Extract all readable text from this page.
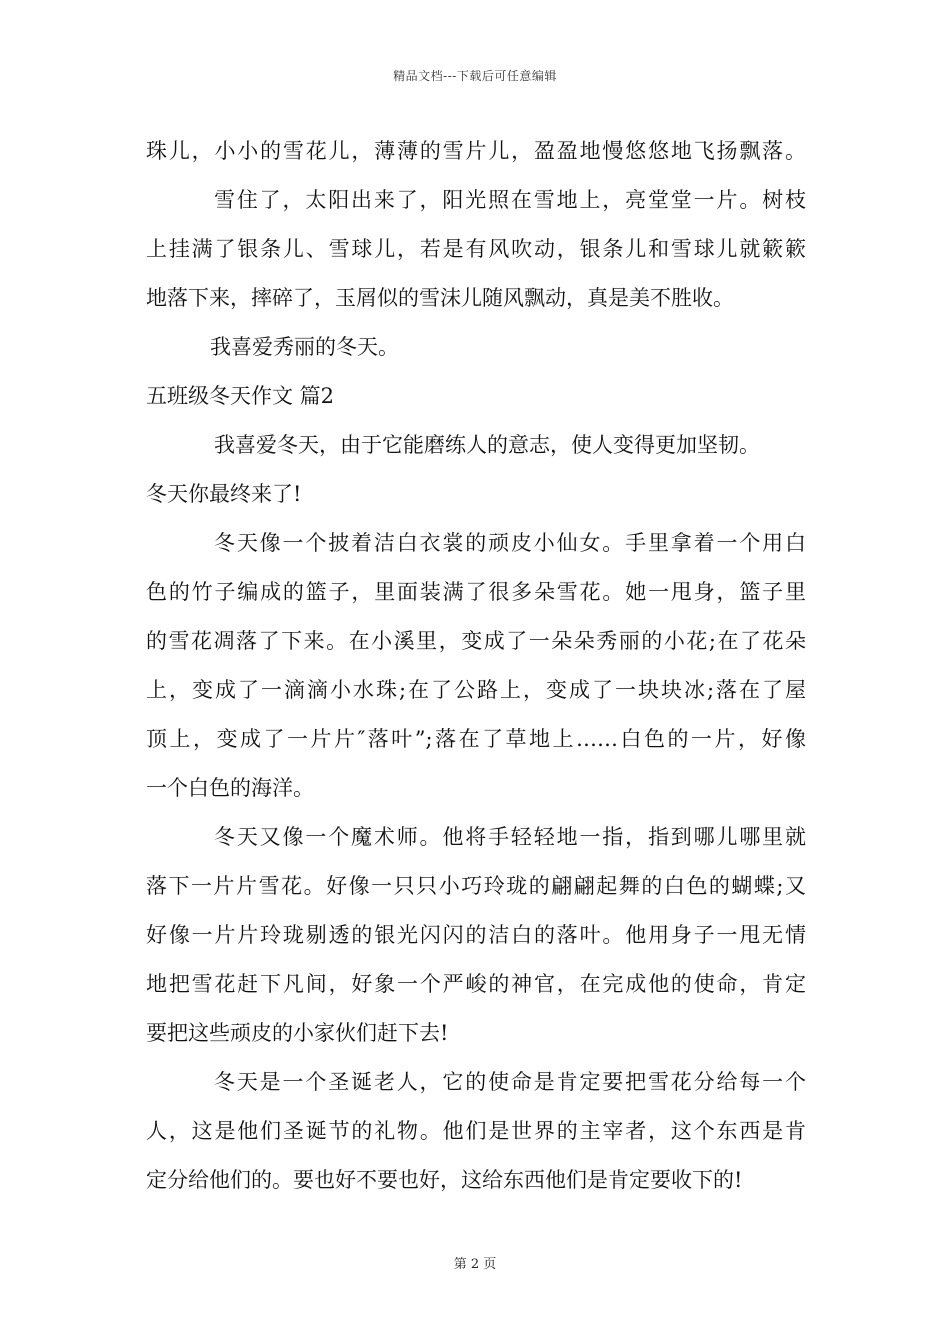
精品文档---下载后可任意编辑
珠儿，小小的雪花儿，薄薄的雪片儿，盈盈地慢悠悠地飞扬飘落。
雪住了，太阳出来了，阳光照在雪地上，亮堂堂一片。树枝
上挂满了银条儿、雪球儿，若是有风吹动，银条儿和雪球儿就簌簌
地落下来，摔碎了，玉屑似的雪沫儿随风飘动，真是美不胜收。
我喜爱秀丽的冬天。
五班级冬天作文 篇2
我喜爱冬天，由于它能磨练人的意志，使人变得更加坚韧。
冬天你最终来了!
冬天像一个披着洁白衣裳的顽皮小仙女。手里拿着一个用白
色的竹子编成的篮子，里面装满了很多朵雪花。她一甩身，篮子里
的雪花凋落了下来。在小溪里，变成了一朵朵秀丽的小花;在了花朵
上，变成了一滴滴小水珠;在了公路上，变成了一块块冰;落在了屋
顶上，变成了一片片″落叶”;落在了草地上……白色的一片，好像
一个白色的海洋。
冬天又像一个魔术师。他将手轻轻地一指，指到哪儿哪里就
落下一片片雪花。好像一只只小巧玲珑的翩翩起舞的白色的蝴蝶;又
好像一片片玲珑剔透的银光闪闪的洁白的落叶。他用身子一甩无情
地把雪花赶下凡间，好象一个严峻的神官，在完成他的使命，肯定
要把这些顽皮的小家伙们赶下去!
冬天是一个圣诞老人，它的使命是肯定要把雪花分给每一个
人，这是他们圣诞节的礼物。他们是世界的主宰者，这个东西是肯
定分给他们的。要也好不要也好，这给东西他们是肯定要收下的!
第 2 页
